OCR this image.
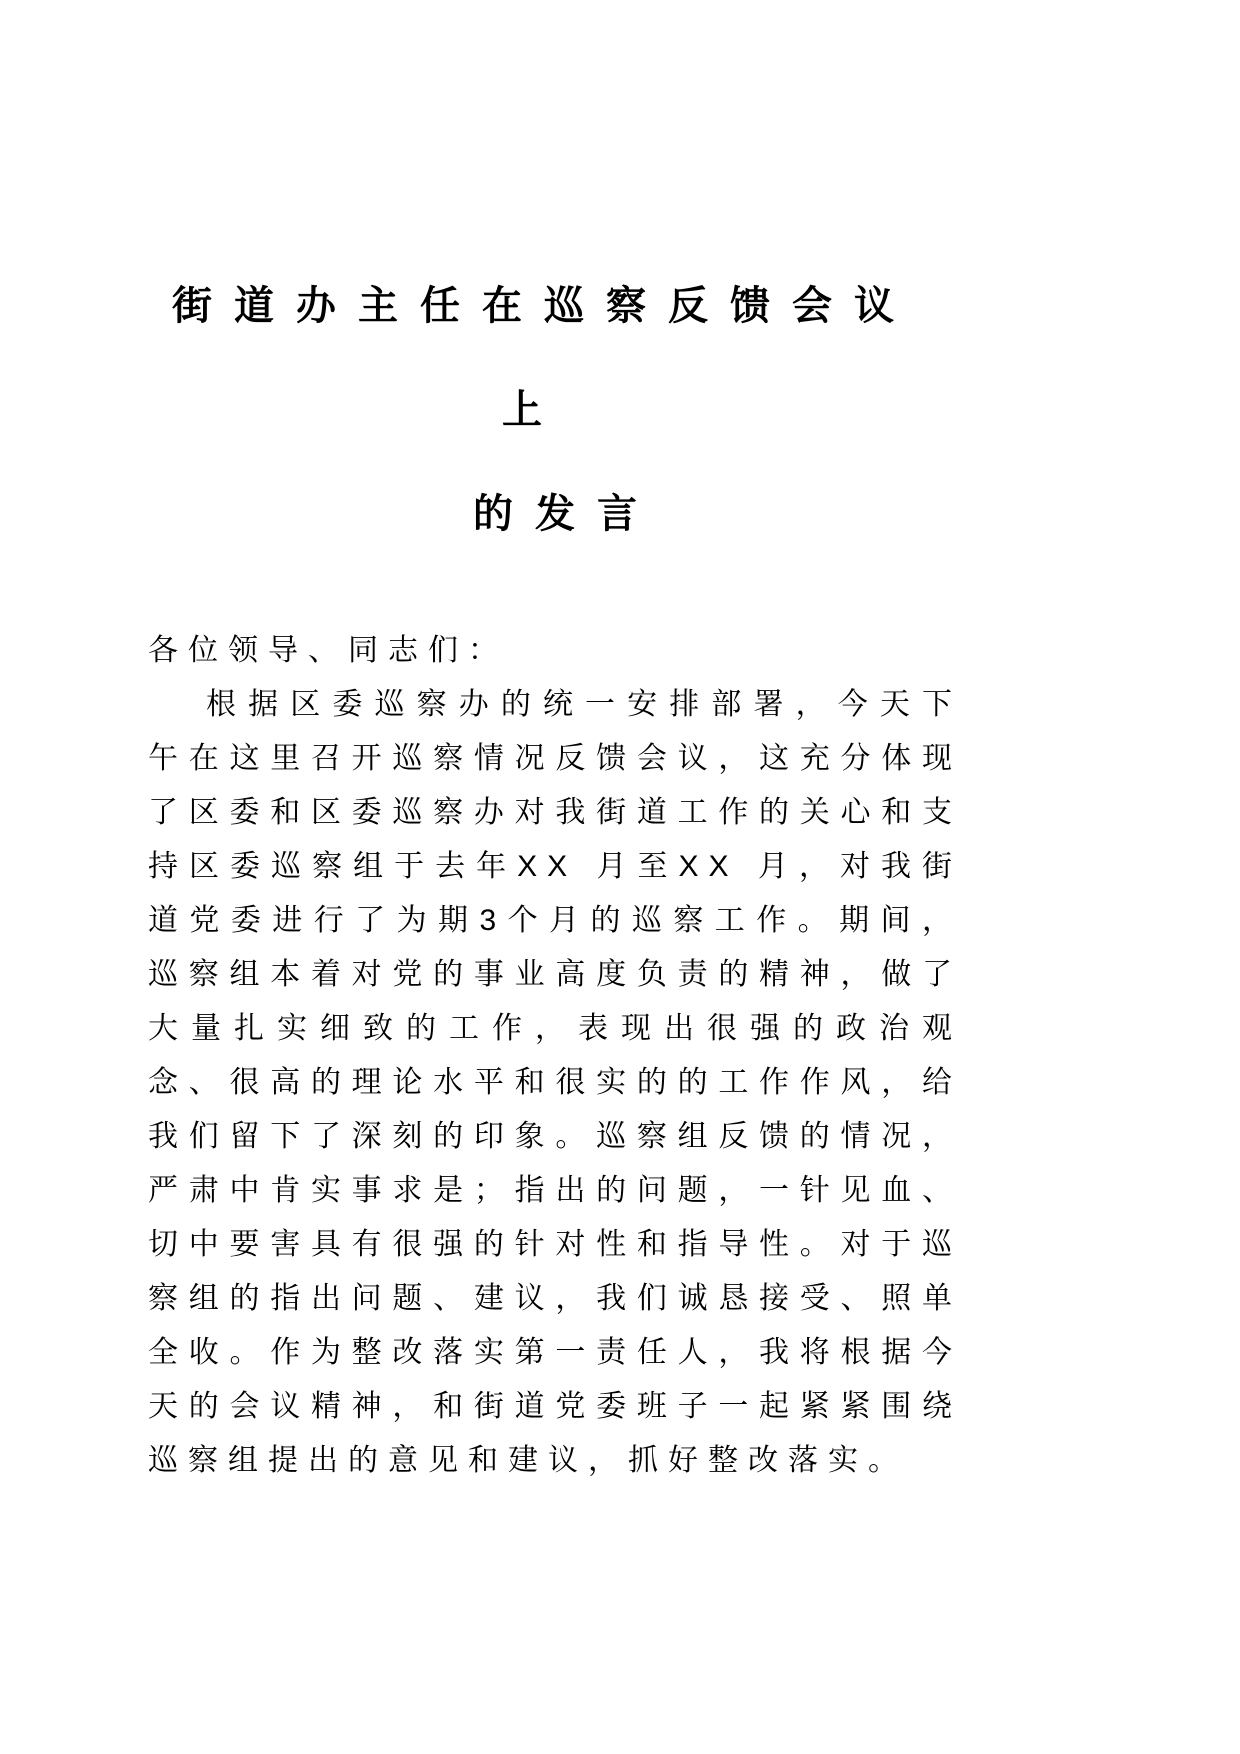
街道办主任在巡察反馈会议上
的发言

各位领导、同志们：

根据区委巡察办的统一安排部署，今天下午在这里召开巡察情况反馈会议，这充分体现了区委和区委巡察办对我街道工作的关心和支持区委巡察组于去年XX 月至XX 月，对我街道党委进行了为期3个月的巡察工作。期间，巡察组本着对党的事业高度负责的精神，做了大量扎实细致的工作，表现出很强的政治观念、很高的理论水平和很实的的工作作风，给我们留下了深刻的印象。巡察组反馈的情况，严肃中肯实事求是；指出的问题，一针见血、切中要害具有很强的针对性和指导性。对于巡察组的指出问题、建议，我们诚恳接受、照单全收。作为整改落实第一责任人，我将根据今天的会议精神，和街道党委班子一起紧紧围绕巡察组提出的意见和建议，抓好整改落实。
